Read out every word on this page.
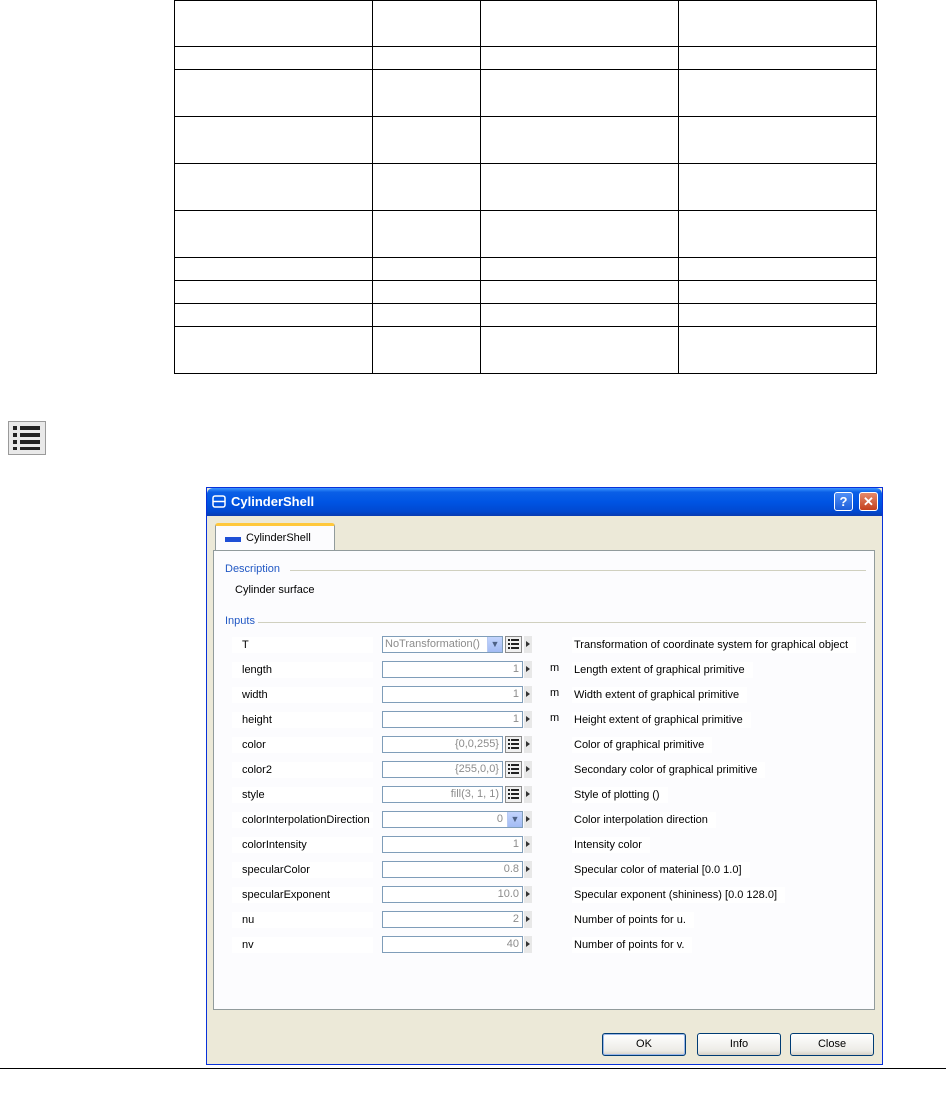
CylinderShell	?	✕
CylinderShell
Description
Cylinder surface
Inputs
T	NoTransformation()	▼	Transformation of coordinate system for graphical object
length	1	m Length extent of graphical primitive
width	1	m Width extent of graphical primitive
height	1	m Height extent of graphical primitive
color	{0,0,255}	Color of graphical primitive
color2	{255,0,0}	Secondary color of graphical primitive
style	fill(3, 1, 1)	Style of plotting ()
colorInterpolationDirection	0 ▼	Color interpolation direction
colorIntensity	1	Intensity color
specularColor	0.8	Specular color of material [0.0 1.0]
specularExponent	10.0	Specular exponent (shininess) [0.0 128.0]
nu	2	Number of points for u.
nv	40	Number of points for v.
OK	Info	Close
